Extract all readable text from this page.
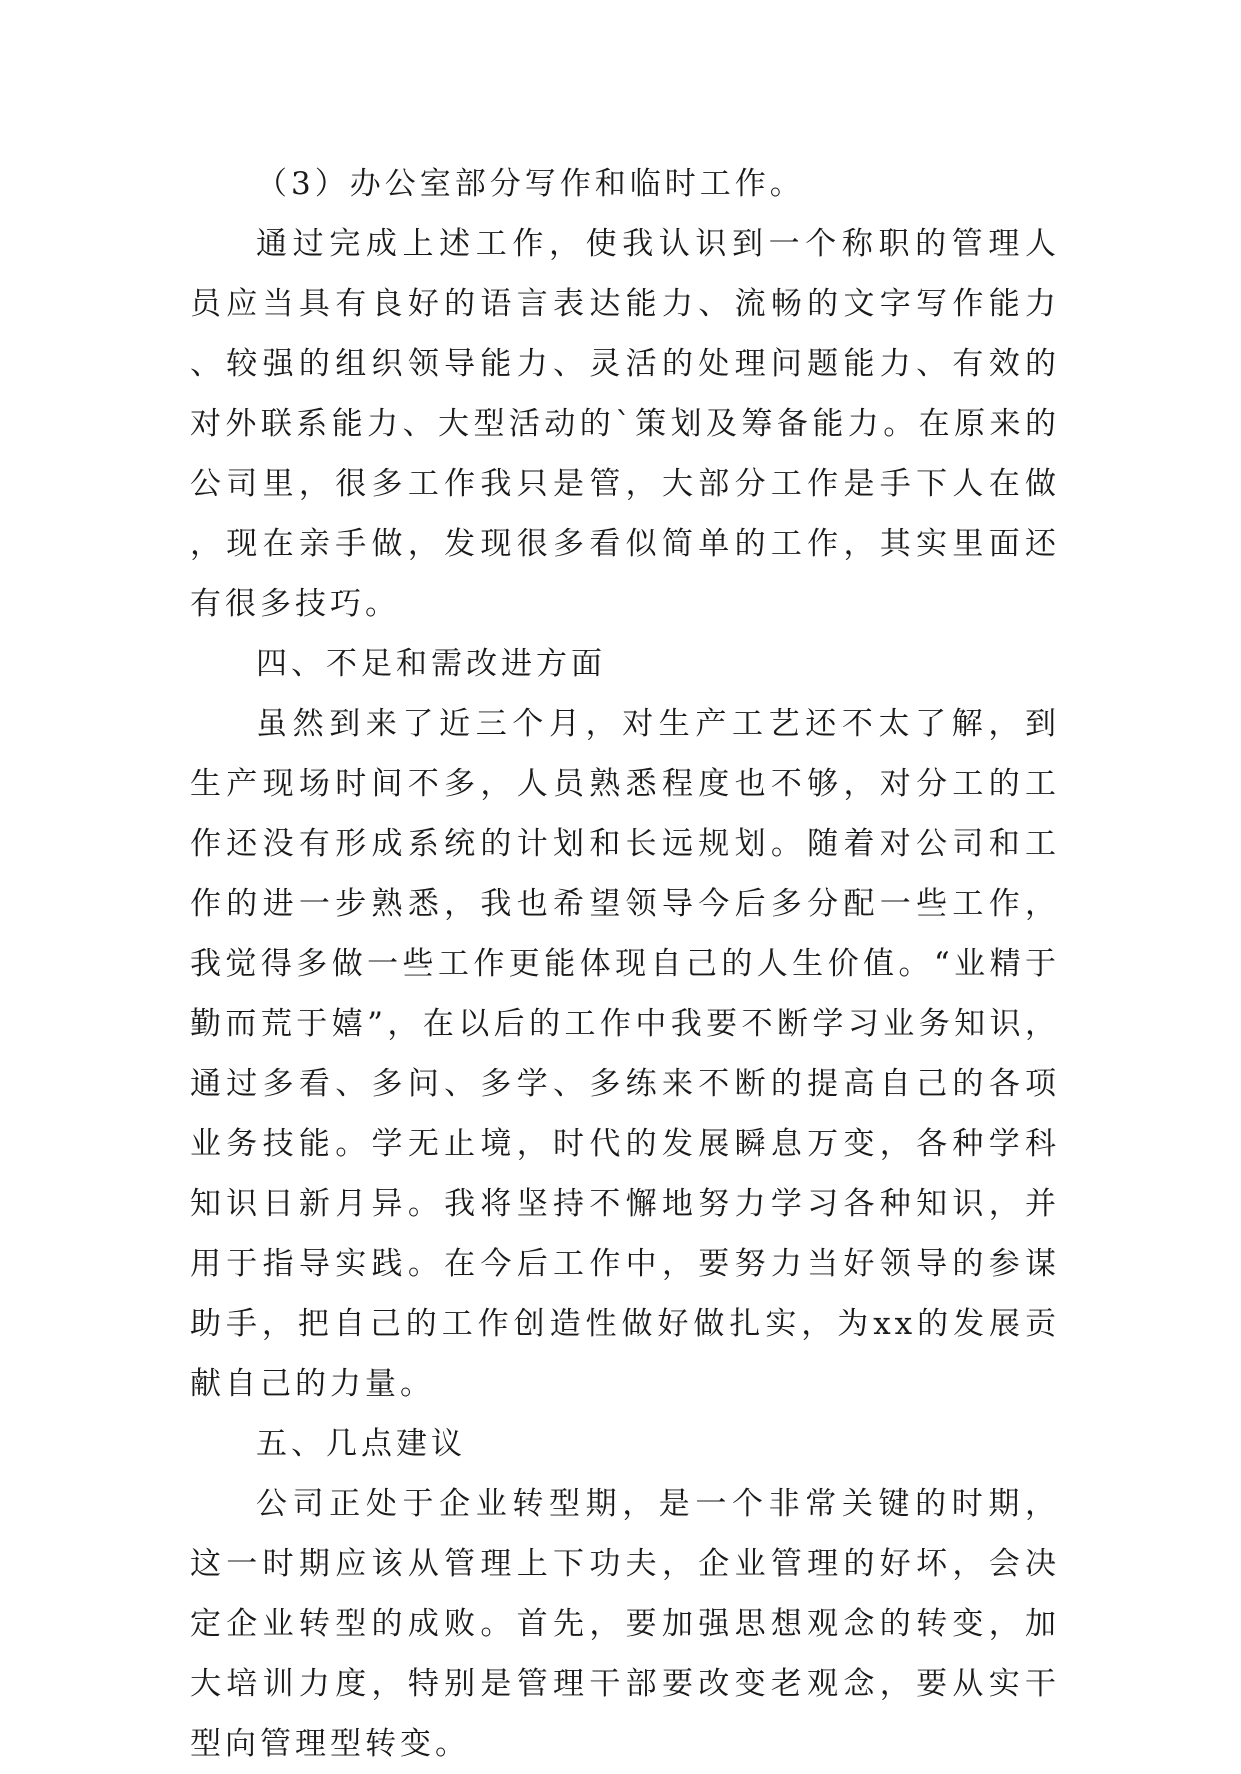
（3）办公室部分写作和临时工作。

通过完成上述工作，使我认识到一个称职的管理人员应当具有良好的语言表达能力、流畅的文字写作能力、较强的组织领导能力、灵活的处理问题能力、有效的对外联系能力、大型活动的`策划及筹备能力。在原来的公司里，很多工作我只是管，大部分工作是手下人在做，现在亲手做，发现很多看似简单的工作，其实里面还有很多技巧。

四、不足和需改进方面

虽然到来了近三个月，对生产工艺还不太了解，到生产现场时间不多，人员熟悉程度也不够，对分工的工作还没有形成系统的计划和长远规划。随着对公司和工作的进一步熟悉，我也希望领导今后多分配一些工作，我觉得多做一些工作更能体现自己的人生价值。“业精于勤而荒于嬉”，在以后的工作中我要不断学习业务知识，通过多看、多问、多学、多练来不断的提高自己的各项业务技能。学无止境，时代的发展瞬息万变，各种学科知识日新月异。我将坚持不懈地努力学习各种知识，并用于指导实践。在今后工作中，要努力当好领导的参谋助手，把自己的工作创造性做好做扎实，为xx的发展贡献自己的力量。

五、几点建议

公司正处于企业转型期，是一个非常关键的时期，这一时期应该从管理上下功夫，企业管理的好坏，会决定企业转型的成败。首先，要加强思想观念的转变，加大培训力度，特别是管理干部要改变老观念，要从实干型向管理型转变。
